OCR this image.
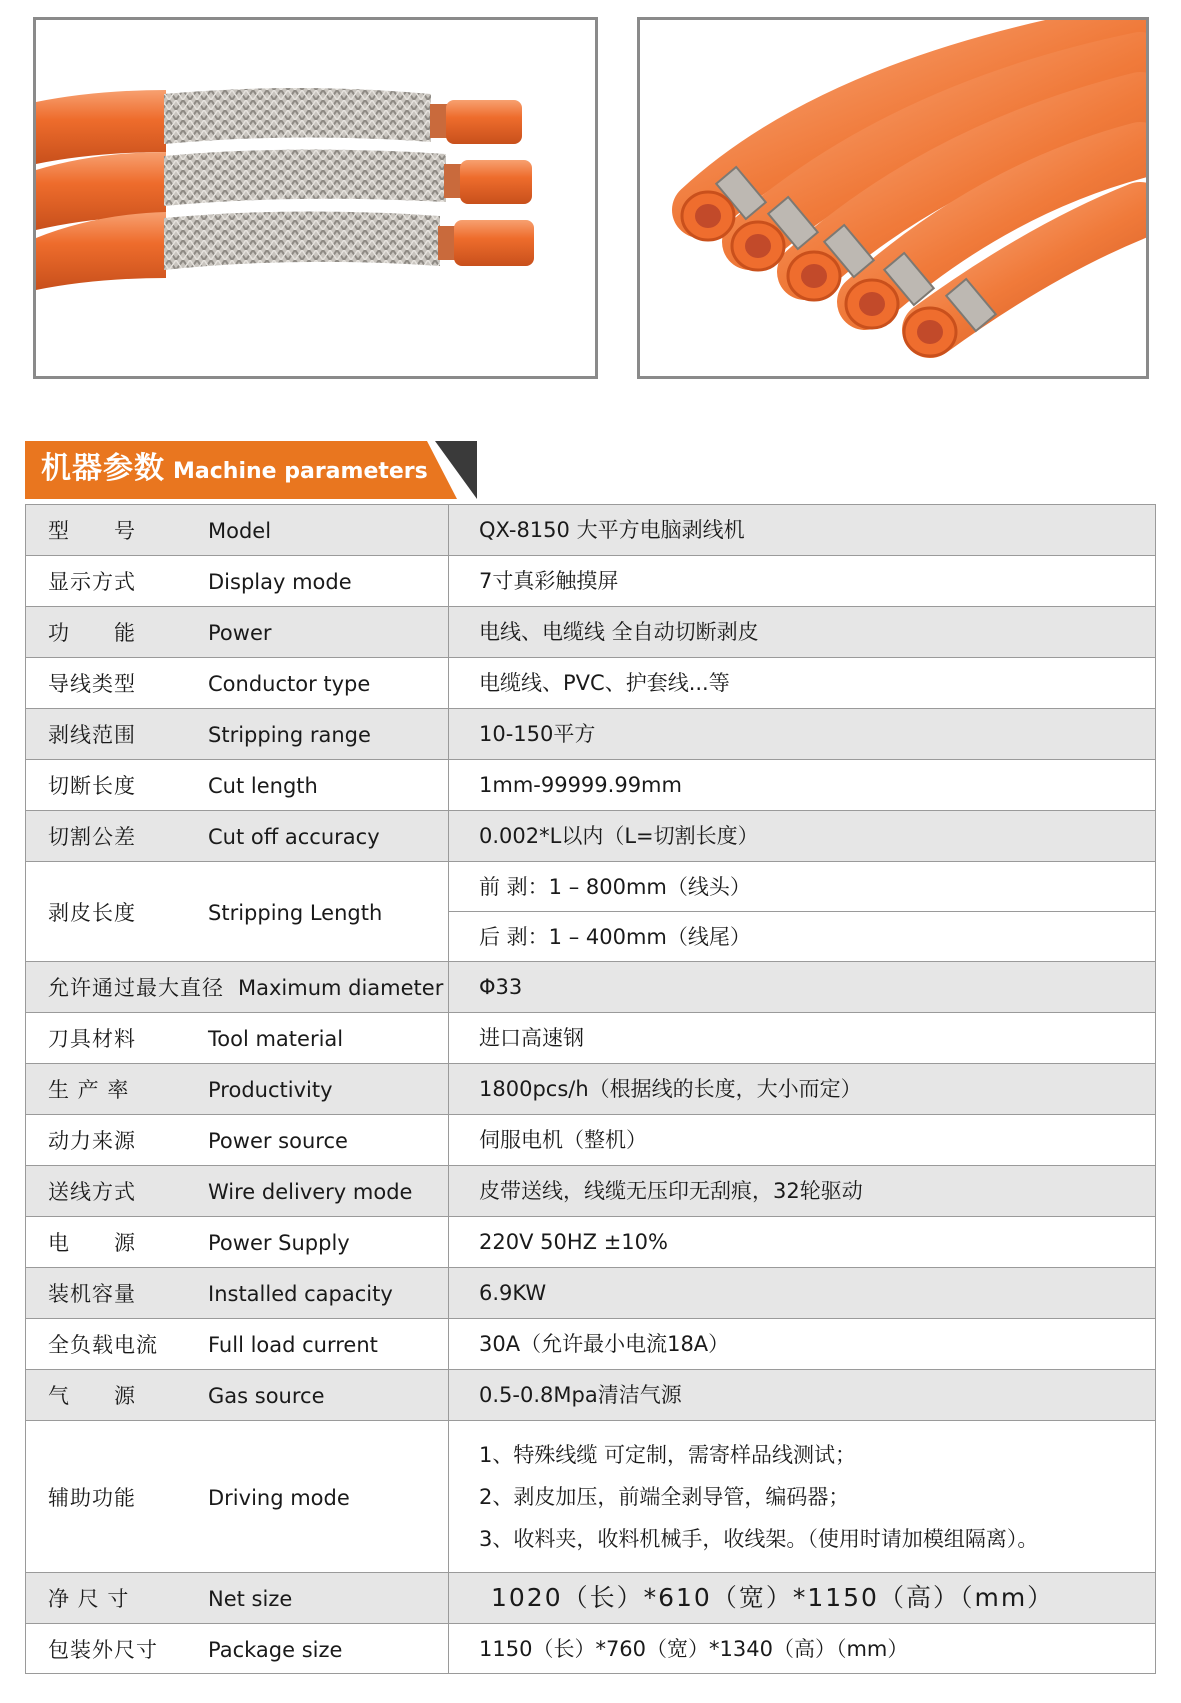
机器参数 Machine parameters
型　　号 Model	QX-8150 大平方电脑剥线机

显示方式 Display mode	7寸真彩触摸屏

功　　能 Power	电线、电缆线 全自动切断剥皮

导线类型 Conductor type	电缆线、PVC、护套线...等

剥线范围 Stripping range	10-150平方

切断长度 Cut length	1mm-99999.99mm

切割公差 Cut off accuracy	0.002*L以内（L=切割长度）

剥皮长度 Stripping Length	前 剥：1 – 800mm（线头）

	后 剥：1 – 400mm（线尾）

允许通过最大直径 Maximum diameter	Φ33

刀具材料 Tool material	进口高速钢

生 产 率 Productivity	1800pcs/h（根据线的长度，大小而定）

动力来源 Power source	伺服电机（整机）

送线方式 Wire delivery mode	皮带送线，线缆无压印无刮痕，32轮驱动

电　　源 Power Supply	220V 50HZ ±10%

装机容量 Installed capacity	6.9KW

全负载电流 Full load current	30A（允许最小电流18A）

气　　源 Gas source	0.5-0.8Mpa清洁气源

辅助功能 Driving mode	1、特殊线缆 可定制，需寄样品线测试；
2、剥皮加压，前端全剥导管，编码器；
3、收料夹，收料机械手，收线架。（使用时请加模组隔离）。

净 尺 寸 Net size	1020（长）*610（宽）*1150（高）（mm）

包装外尺寸 Package size	1150（长）*760（宽）*1340（高）（mm）
